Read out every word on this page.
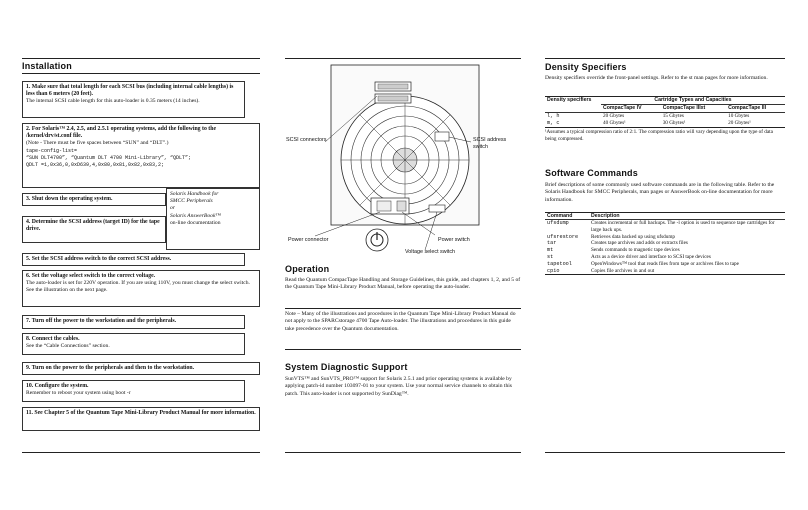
Installation
1. Make sure that total length for each SCSI bus (including internal cable lengths) is less than 6 meters (20 feet).
The internal SCSI cable length for this auto-loader is 0.35 meters (14 inches).
2. For Solaris™ 2.4, 2.5, and 2.5.1 operating systems, add the following to the /kernel/drv/st.conf file.
(Note - There must be five spaces between “SUN” and “DLT”.)
tape-config-list=
“SUN DLT4700”, “Quantum DLT 4700 Mini-Library”, “QDLT”;
QDLT =1,0x36,0,0xD639,4,0x80,0x81,0x82,0x83,2;
3. Shut down the operating system.
4. Determine the SCSI address (target ID) for the tape drive.
Solaris Handbook for
SMCC Peripherals
or
Solaris AnswerBook™
on-line documentation
5. Set the SCSI address switch to the correct SCSI address.
6. Set the voltage select switch to the correct voltage.
The auto-loader is set for 220V operation. If you are using 110V, you must change the select switch. See the illustration on the next page.
7. Turn off the power to the workstation and the peripherals.
8. Connect the cables.
See the “Cable Connections” section.
9. Turn on the power to the peripherals and then to the workstation.
10. Configure the system.
Remember to reboot your system using boot -r
11. See Chapter 5 of the Quantum Tape Mini-Library Product Manual for more information.
SCSI connectors	SCSI address
switch
Power connector	Power switch
Voltage select switch
Operation
Read the Quantum CompacTape Handling and Storage Guidelines, this guide, and chapters 1, 2, and 5 of the Quantum Tape Mini-Library Product Manual, before operating the auto-loader.
Note – Many of the illustrations and procedures in the Quantum Tape Mini-Library Product Manual do not apply to the SPARCstorage 4700 Tape Auto-loader. The illustrations and procedures in this guide take precedence over the Quantum documentation.
System Diagnostic Support
SunVTS™ and SunVTS_PRO™ support for Solaris 2.5.1 and prior operating systems is available by applying patch-id number 103097-01 to your system. Use your normal service channels to obtain this patch. This auto-loader is not supported by SunDiag™.
Density Specifiers
Density specifiers override the front-panel settings. Refer to the st man pages for more information.
Density specifiers	Cartridge Types and Capacities		
	CompacTape IV	CompacTape IIIxt	CompacTape III
l, h	20 Gbytes	15 Gbytes	10 Gbytes
m, c	40 Gbytes¹	30 Gbytes¹	20 Gbytes¹
¹Assumes a typical compression ratio of 2:1. The compression ratio will vary depending upon the type of data being compressed.
Software Commands
Brief descriptions of some commonly used software commands are in the following table. Refer to the Solaris Handbook for SMCC Peripherals, man pages or AnswerBook on-line documentation for more information.
Command	Description
ufsdump	Creates incremental or full backups. The -l option is used to sequence tape cartridges for large back ups.
ufsrestore	Retrieves data backed up using ufsdump
tar	Creates tape archives and adds or extracts files
mt	Sends commands to magnetic tape devices
st	Acts as a device driver and interface to SCSI tape devices
tapetool	OpenWindows™ tool that reads files from tape or archives files to tape
cpio	Copies file archives in and out
